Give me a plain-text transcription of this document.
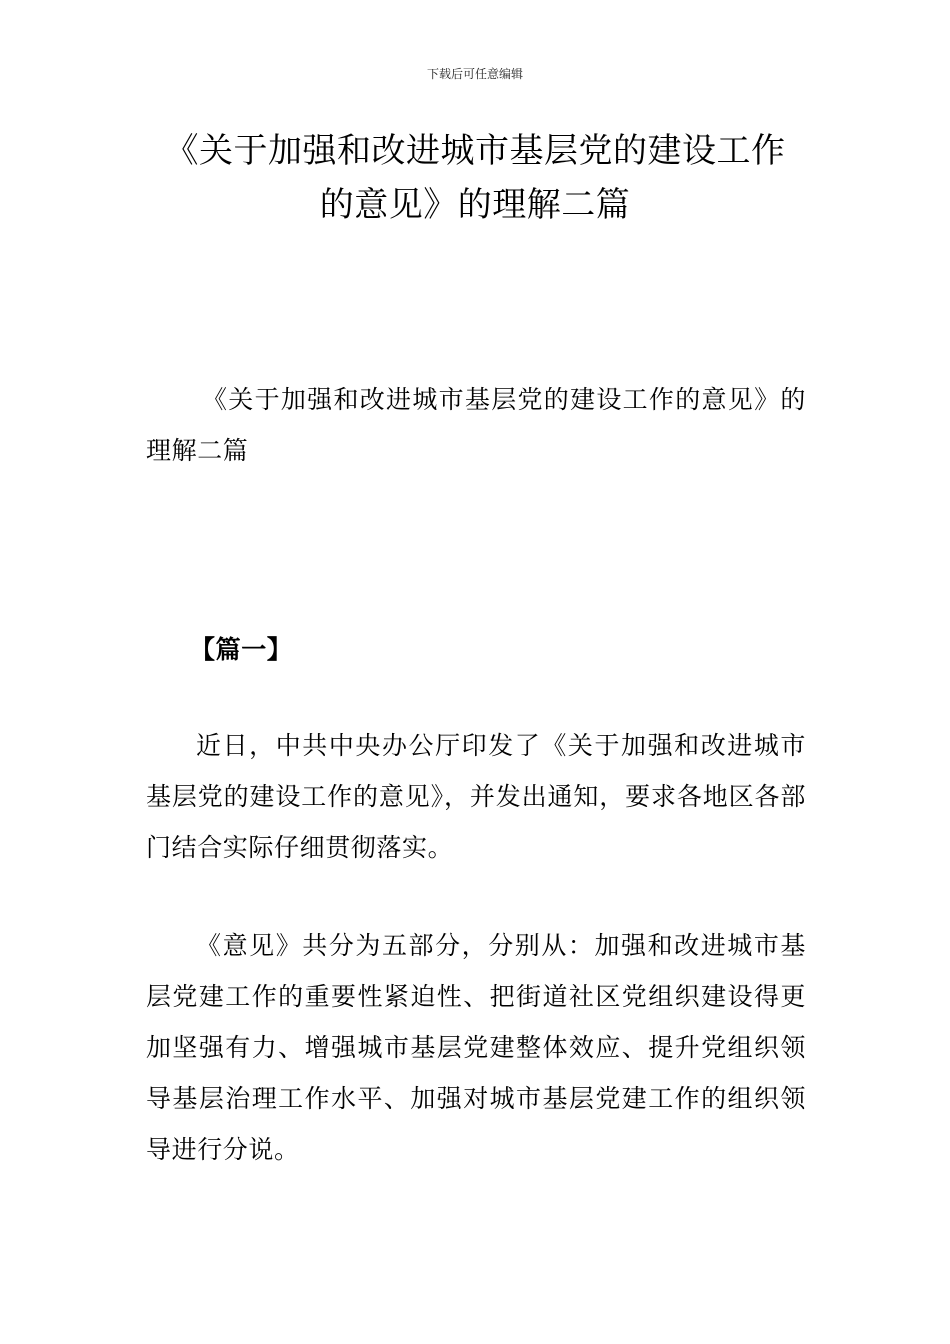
下载后可任意编辑
《关于加强和改进城市基层党的建设工作的意见》的理解二篇

《关于加强和改进城市基层党的建设工作的意见》的理解二篇

【篇一】

近日，中共中央办公厅印发了《关于加强和改进城市基层党的建设工作的意见》，并发出通知，要求各地区各部门结合实际仔细贯彻落实。

《意见》共分为五部分，分别从：加强和改进城市基层党建工作的重要性紧迫性、把街道社区党组织建设得更加坚强有力、增强城市基层党建整体效应、提升党组织领导基层治理工作水平、加强对城市基层党建工作的组织领导进行分说。
